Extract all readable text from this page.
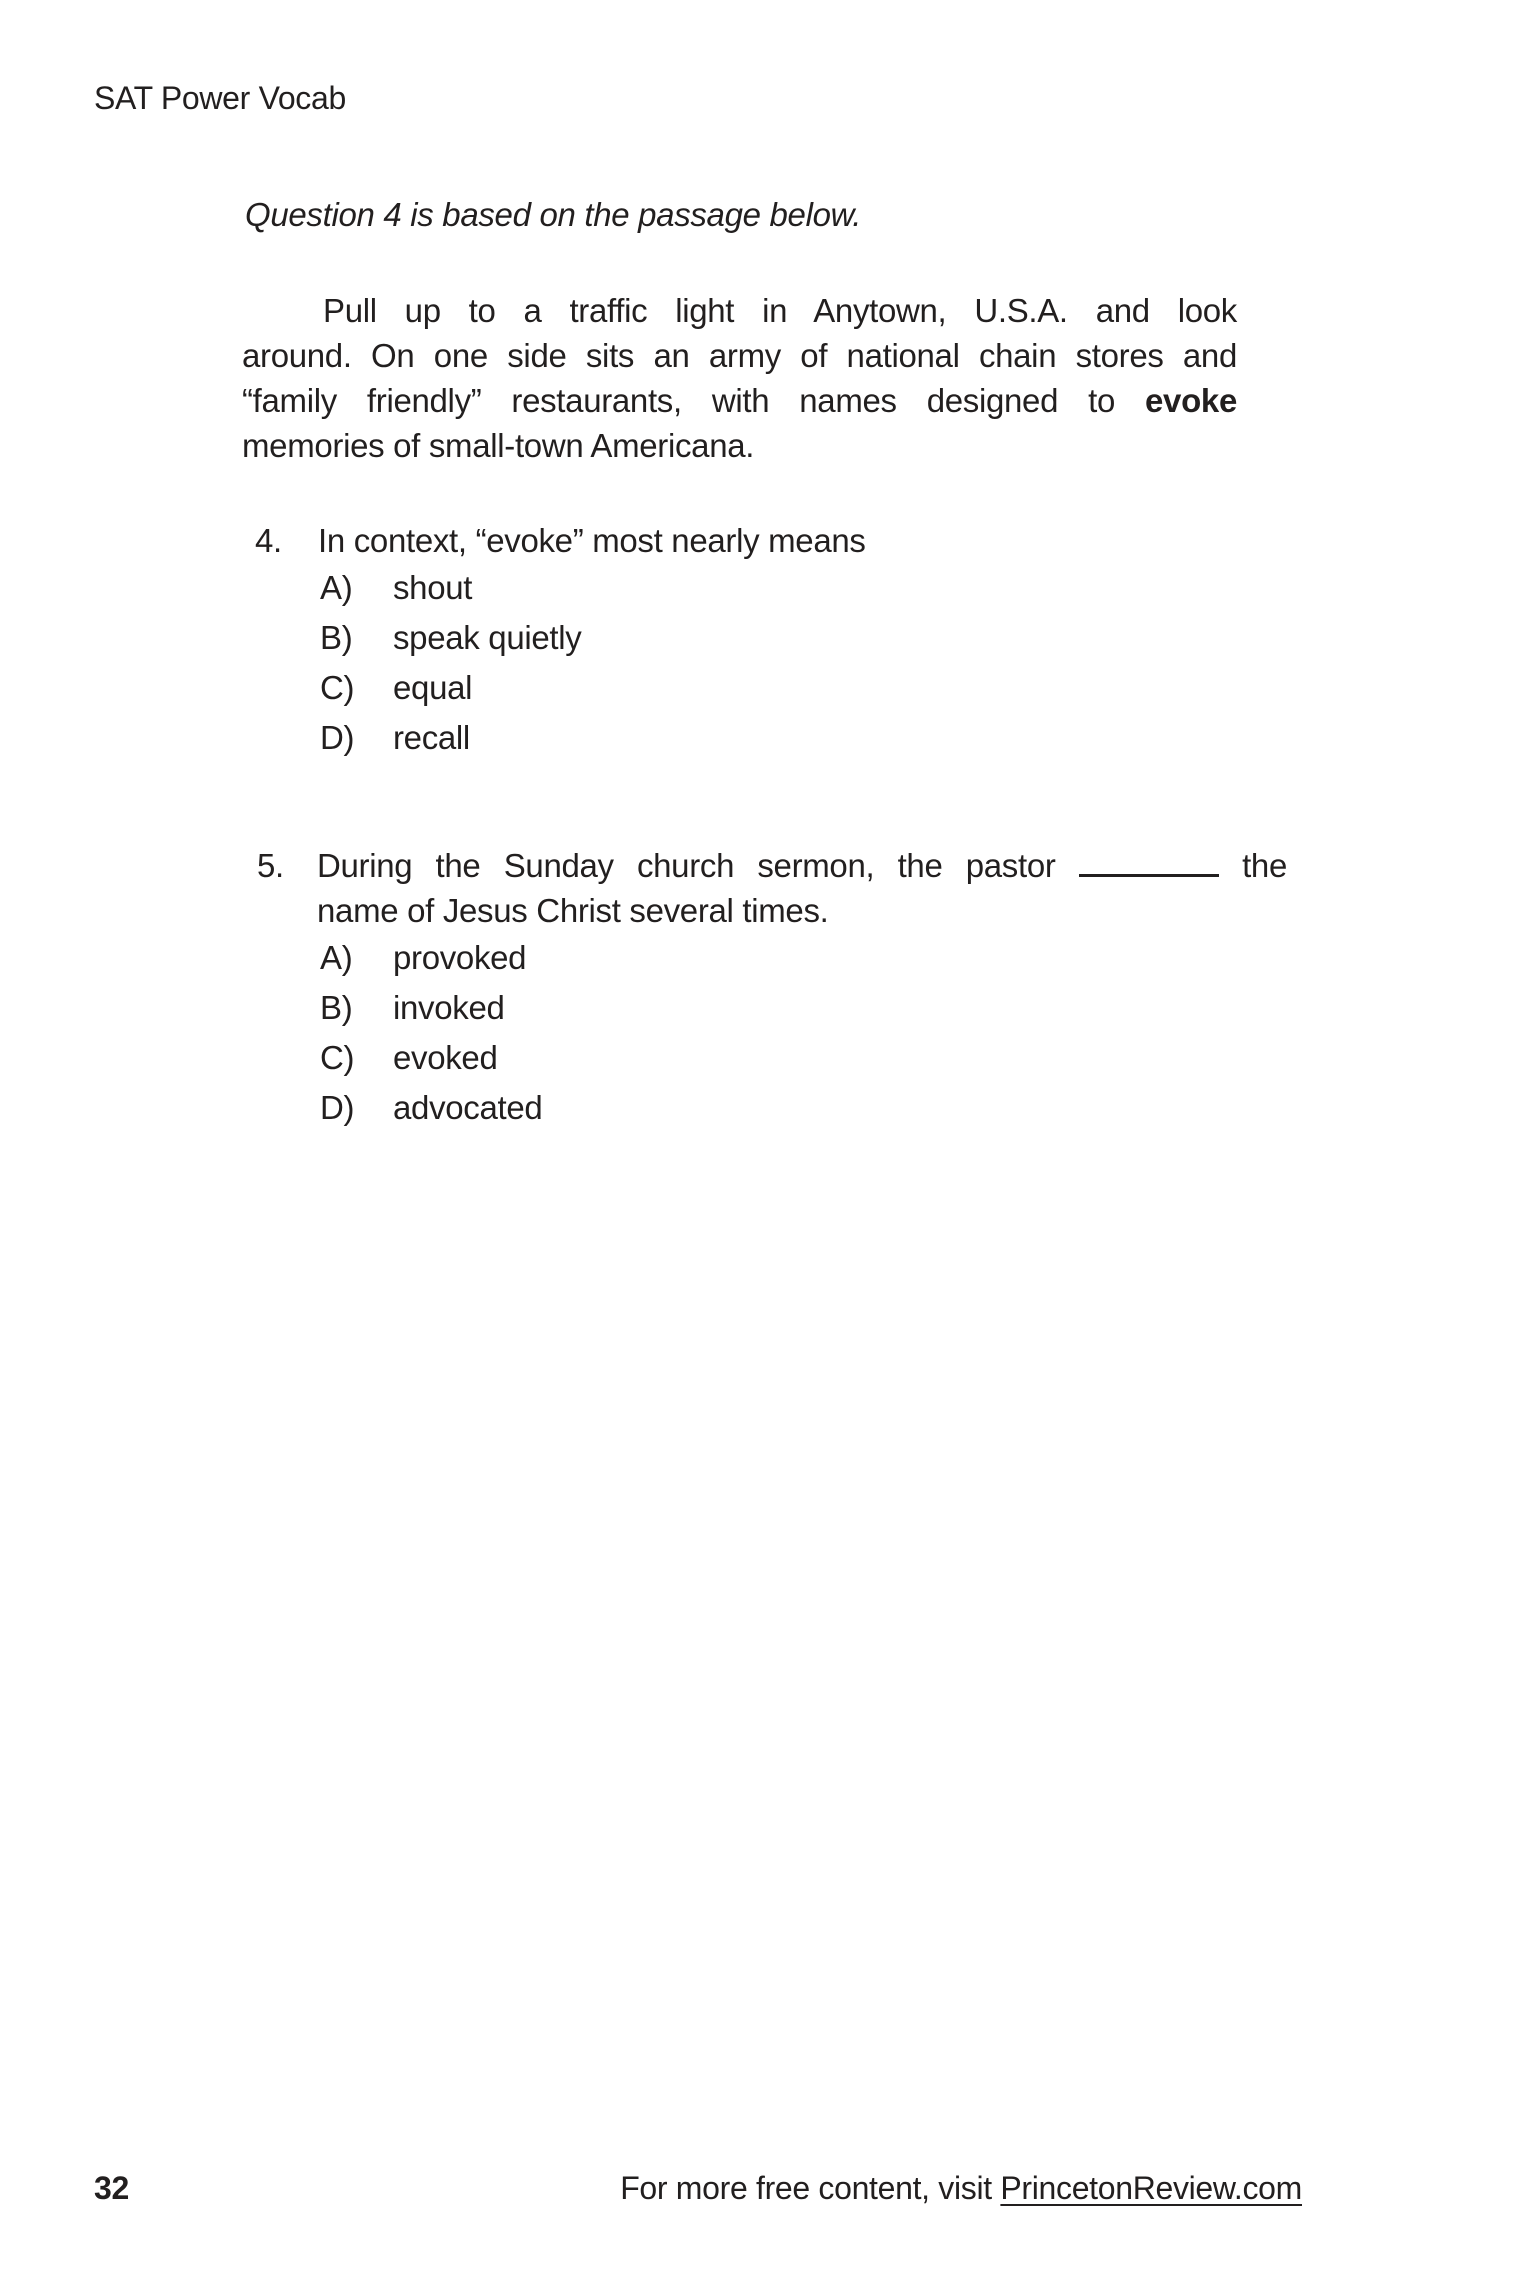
SAT Power Vocab
Question 4 is based on the passage below.
Pull up to a traffic light in Anytown, U.S.A. and look
around. On one side sits an army of national chain stores and
“family friendly” restaurants, with names designed to evoke
memories of small-town Americana.
4. In context, “evoke” most nearly means
A) shout
B) speak quietly
C) equal
D) recall
5. During the Sunday church sermon, the pastor	the
name of Jesus Christ several times.
A) provoked
B) invoked
C) evoked
D) advocated
32	For more free content, visit PrincetonReview.com
